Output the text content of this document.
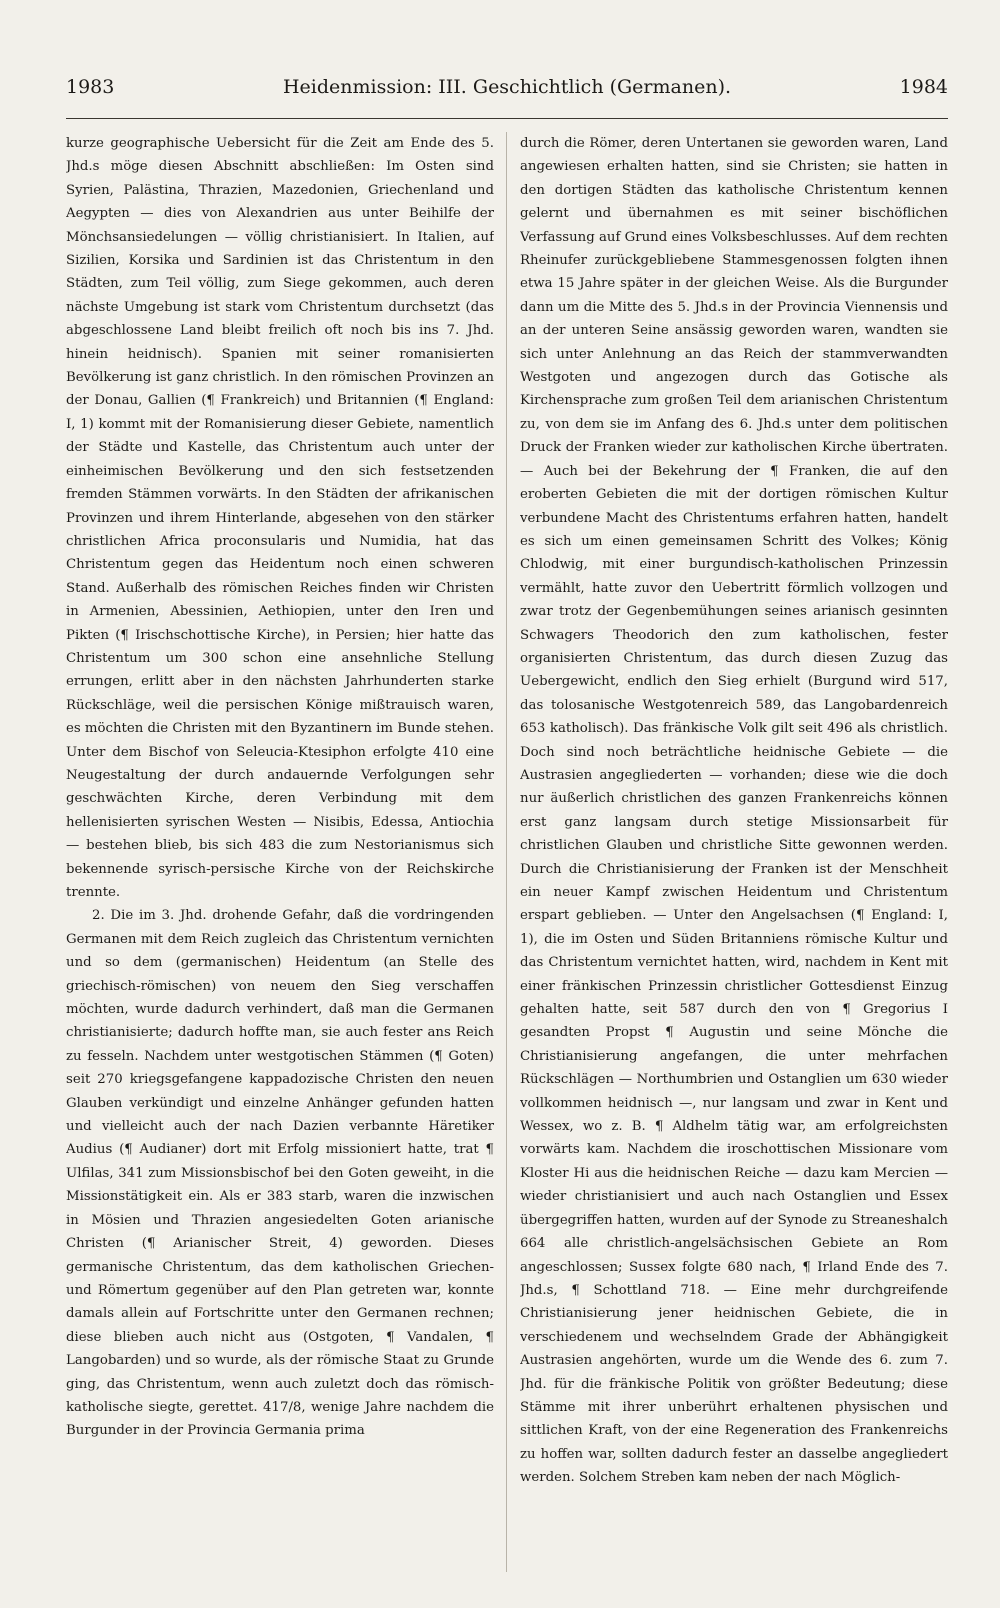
1983	Heidenmission: III. Geschichtlich (Germanen).	1984

kurze geographische Uebersicht für die Zeit am Ende des 5. Jhd.s möge diesen Abschnitt abschließen: Im Osten sind Syrien, Palästina, Thrazien, Mazedonien, Griechenland und Aegypten — dies von Alexandrien aus unter Beihilfe der Mönchsansiedelungen — völlig christianisiert. In Italien, auf Sizilien, Korsika und Sardinien ist das Christentum in den Städten, zum Teil völlig, zum Siege gekommen, auch deren nächste Umgebung ist stark vom Christentum durchsetzt (das abgeschlossene Land bleibt freilich oft noch bis ins 7. Jhd. hinein heidnisch). Spanien mit seiner romanisierten Bevölkerung ist ganz christlich. In den römischen Provinzen an der Donau, Gallien (¶ Frankreich) und Britannien (¶ England: I, 1) kommt mit der Romanisierung dieser Gebiete, namentlich der Städte und Kastelle, das Christentum auch unter der einheimischen Bevölkerung und den sich festsetzenden fremden Stämmen vorwärts. In den Städten der afrikanischen Provinzen und ihrem Hinterlande, abgesehen von den stärker christlichen Africa proconsularis und Numidia, hat das Christentum gegen das Heidentum noch einen schweren Stand. Außerhalb des römischen Reiches finden wir Christen in Armenien, Abessinien, Aethiopien, unter den Iren und Pikten (¶ Irischschottische Kirche), in Persien; hier hatte das Christentum um 300 schon eine ansehnliche Stellung errungen, erlitt aber in den nächsten Jahrhunderten starke Rückschläge, weil die persischen Könige mißtrauisch waren, es möchten die Christen mit den Byzantinern im Bunde stehen. Unter dem Bischof von Seleucia-Ktesiphon erfolgte 410 eine Neugestaltung der durch andauernde Verfolgungen sehr geschwächten Kirche, deren Verbindung mit dem hellenisierten syrischen Westen — Nisibis, Edessa, Antiochia — bestehen blieb, bis sich 483 die zum Nestorianismus sich bekennende syrisch-persische Kirche von der Reichskirche trennte.

2. Die im 3. Jhd. drohende Gefahr, daß die vordringenden Germanen mit dem Reich zugleich das Christentum vernichten und so dem (germanischen) Heidentum (an Stelle des griechisch-römischen) von neuem den Sieg verschaffen möchten, wurde dadurch verhindert, daß man die Germanen christianisierte; dadurch hoffte man, sie auch fester ans Reich zu fesseln. Nachdem unter westgotischen Stämmen (¶ Goten) seit 270 kriegsgefangene kappadozische Christen den neuen Glauben verkündigt und einzelne Anhänger gefunden hatten und vielleicht auch der nach Dazien verbannte Häretiker Audius (¶ Audianer) dort mit Erfolg missioniert hatte, trat ¶ Ulfilas, 341 zum Missionsbischof bei den Goten geweiht, in die Missionstätigkeit ein. Als er 383 starb, waren die inzwischen in Mösien und Thrazien angesiedelten Goten arianische Christen (¶ Arianischer Streit, 4) geworden. Dieses germanische Christentum, das dem katholischen Griechen- und Römertum gegenüber auf den Plan getreten war, konnte damals allein auf Fortschritte unter den Germanen rechnen; diese blieben auch nicht aus (Ostgoten, ¶ Vandalen, ¶ Langobarden) und so wurde, als der römische Staat zu Grunde ging, das Christentum, wenn auch zuletzt doch das römisch-katholische siegte, gerettet. 417/8, wenige Jahre nachdem die Burgunder in der Provincia Germania prima

durch die Römer, deren Untertanen sie geworden waren, Land angewiesen erhalten hatten, sind sie Christen; sie hatten in den dortigen Städten das katholische Christentum kennen gelernt und übernahmen es mit seiner bischöflichen Verfassung auf Grund eines Volksbeschlusses. Auf dem rechten Rheinufer zurückgebliebene Stammesgenossen folgten ihnen etwa 15 Jahre später in der gleichen Weise. Als die Burgunder dann um die Mitte des 5. Jhd.s in der Provincia Viennensis und an der unteren Seine ansässig geworden waren, wandten sie sich unter Anlehnung an das Reich der stammverwandten Westgoten und angezogen durch das Gotische als Kirchensprache zum großen Teil dem arianischen Christentum zu, von dem sie im Anfang des 6. Jhd.s unter dem politischen Druck der Franken wieder zur katholischen Kirche übertraten. — Auch bei der Bekehrung der ¶ Franken, die auf den eroberten Gebieten die mit der dortigen römischen Kultur verbundene Macht des Christentums erfahren hatten, handelt es sich um einen gemeinsamen Schritt des Volkes; König Chlodwig, mit einer burgundisch-katholischen Prinzessin vermählt, hatte zuvor den Uebertritt förmlich vollzogen und zwar trotz der Gegenbemühungen seines arianisch gesinnten Schwagers Theodorich den zum katholischen, fester organisierten Christentum, das durch diesen Zuzug das Uebergewicht, endlich den Sieg erhielt (Burgund wird 517, das tolosanische Westgotenreich 589, das Langobardenreich 653 katholisch). Das fränkische Volk gilt seit 496 als christlich. Doch sind noch beträchtliche heidnische Gebiete — die Austrasien angegliederten — vorhanden; diese wie die doch nur äußerlich christlichen des ganzen Frankenreichs können erst ganz langsam durch stetige Missionsarbeit für christlichen Glauben und christliche Sitte gewonnen werden. Durch die Christianisierung der Franken ist der Menschheit ein neuer Kampf zwischen Heidentum und Christentum erspart geblieben. — Unter den Angelsachsen (¶ England: I, 1), die im Osten und Süden Britanniens römische Kultur und das Christentum vernichtet hatten, wird, nachdem in Kent mit einer fränkischen Prinzessin christlicher Gottesdienst Einzug gehalten hatte, seit 587 durch den von ¶ Gregorius I gesandten Propst ¶ Augustin und seine Mönche die Christianisierung angefangen, die unter mehrfachen Rückschlägen — Northumbrien und Ostanglien um 630 wieder vollkommen heidnisch —, nur langsam und zwar in Kent und Wessex, wo z. B. ¶ Aldhelm tätig war, am erfolgreichsten vorwärts kam. Nachdem die iroschottischen Missionare vom Kloster Hi aus die heidnischen Reiche — dazu kam Mercien — wieder christianisiert und auch nach Ostanglien und Essex übergegriffen hatten, wurden auf der Synode zu Streaneshalch 664 alle christlich-angelsächsischen Gebiete an Rom angeschlossen; Sussex folgte 680 nach, ¶ Irland Ende des 7. Jhd.s, ¶ Schottland 718. — Eine mehr durchgreifende Christianisierung jener heidnischen Gebiete, die in verschiedenem und wechselndem Grade der Abhängigkeit Austrasien angehörten, wurde um die Wende des 6. zum 7. Jhd. für die fränkische Politik von größter Bedeutung; diese Stämme mit ihrer unberührt erhaltenen physischen und sittlichen Kraft, von der eine Regeneration des Frankenreichs zu hoffen war, sollten dadurch fester an dasselbe angegliedert werden. Solchem Streben kam neben der nach Möglich-
